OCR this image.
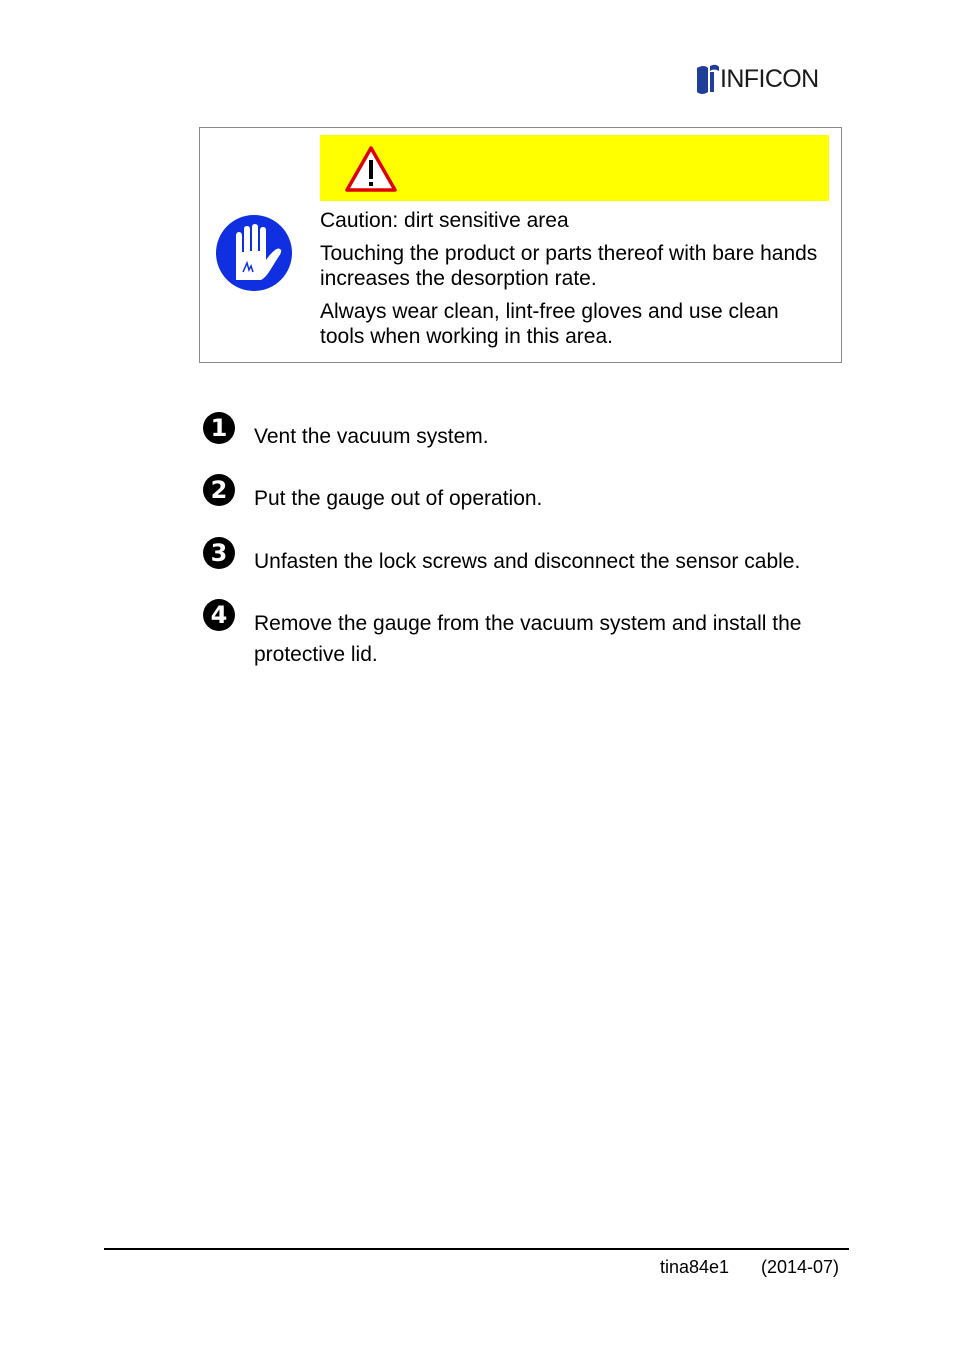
INFICON
Caution: dirt sensitive area
Touching the product or parts thereof with bare hands increases the desorption rate.
Always wear clean, lint-free gloves and use clean tools when working in this area.
1	Vent the vacuum system.
2	Put the gauge out of operation.
3	Unfasten the lock screws and disconnect the sensor cable.
4	Remove the gauge from the vacuum system and install the protective lid.
tina84e1 (2014-07)
